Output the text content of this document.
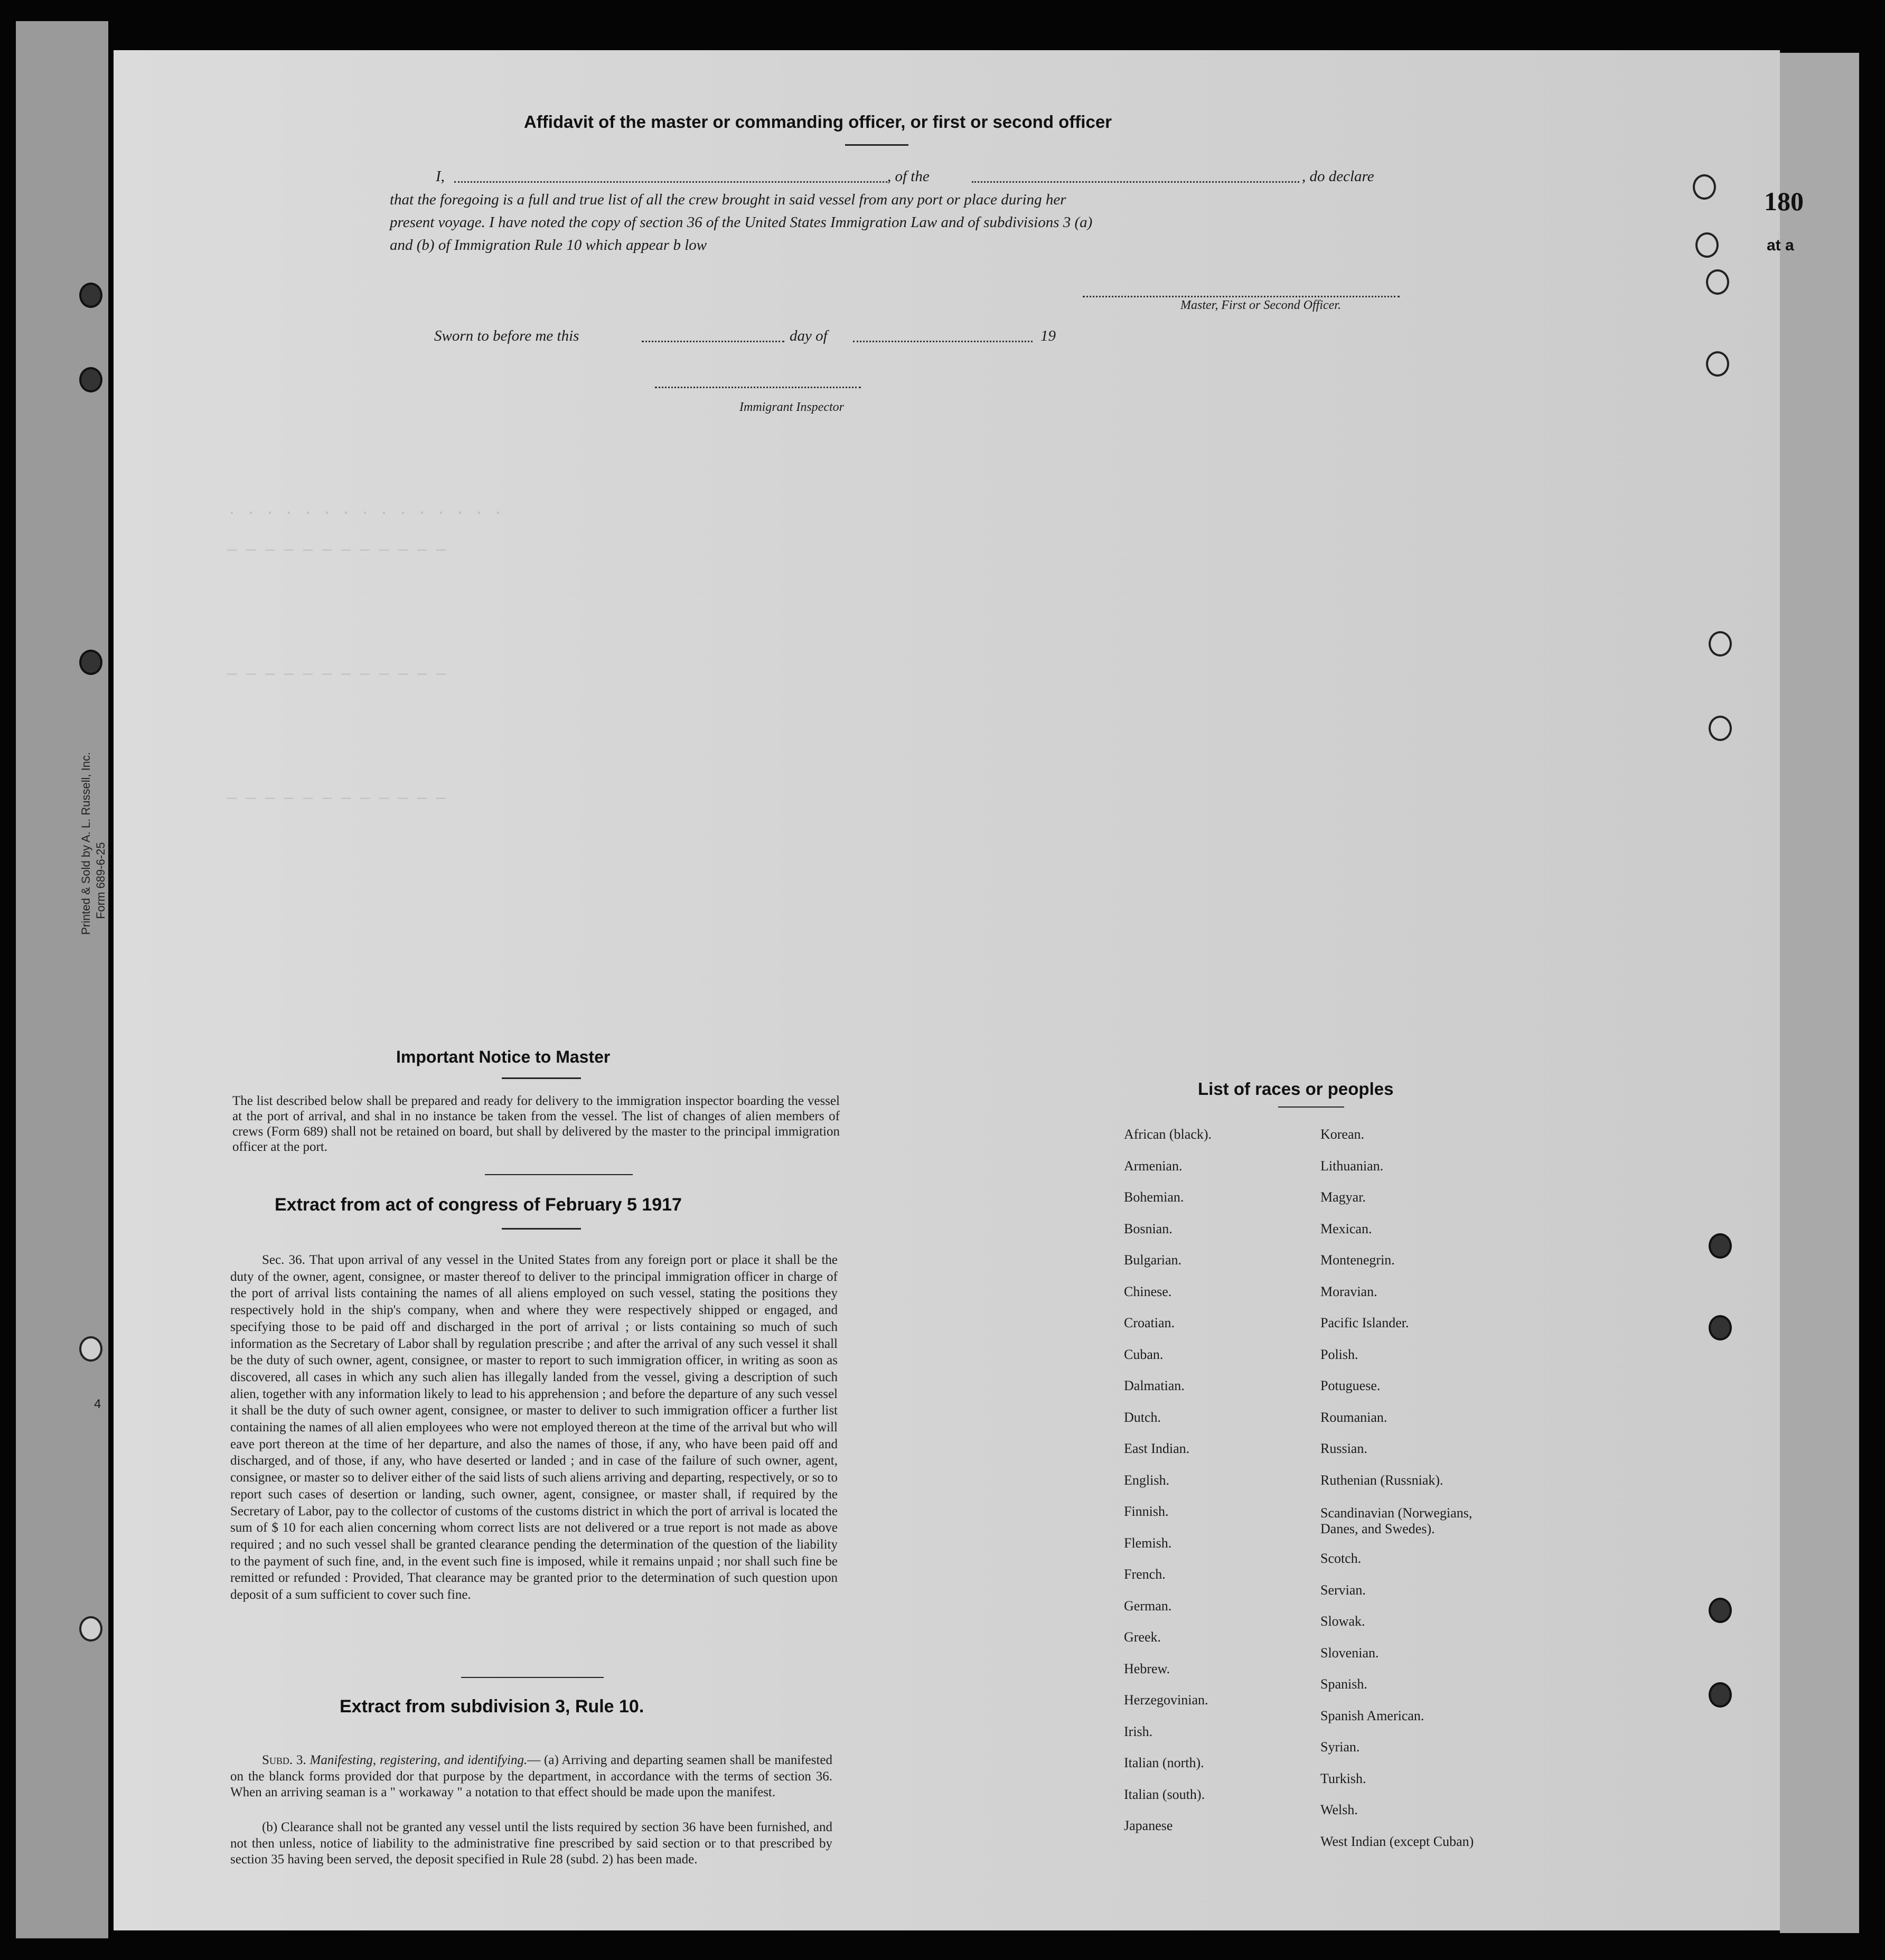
· · · · · · · · · · · · · · ·
— — — — — — — — — — — —
— — — — — — — — — — — —
— — — — — — — — — — — —
Printed & Sold by A. L. Russell, Inc. Form 689-6-25
4
180
at a
Affidavit of the master or commanding officer, or first or second officer
I,	, of the	, do declare
that the foregoing is a full and true list of all the crew brought in said vessel from any port or place during her
present voyage. I have noted the copy of section 36 of the United States Immigration Law and of subdivisions 3 (a)
and (b) of Immigration Rule 10 which appear b low
Master, First or Second Officer.
Sworn to before me this	day of	19
Immigrant Inspector
Important Notice to Master
The list described below shall be prepared and ready for delivery to the immigration inspector boarding the vessel at the port of arrival, and shal in no instance be taken from the vessel. The list of changes of alien members of crews (Form 689) shall not be retained on board, but shall by delivered by the master to the principal immigration officer at the port.
Extract from act of congress of February 5 1917
Sec. 36. That upon arrival of any vessel in the United States from any foreign port or place it shall be the duty of the owner, agent, consignee, or master thereof to deliver to the principal immigration officer in charge of the port of arrival lists containing the names of all aliens employed on such vessel, stating the positions they respectively hold in the ship's company, when and where they were respectively shipped or engaged, and specifying those to be paid off and discharged in the port of arrival ; or lists containing so much of such information as the Secretary of Labor shall by regulation prescribe ; and after the arrival of any such vessel it shall be the duty of such owner, agent, consignee, or master to report to such immigration officer, in writing as soon as discovered, all cases in which any such alien has illegally landed from the vessel, giving a description of such alien, together with any information likely to lead to his apprehension ; and before the departure of any such vessel it shall be the duty of such owner agent, consignee, or master to deliver to such immigration officer a further list containing the names of all alien employees who were not employed thereon at the time of the arrival but who will eave port thereon at the time of her departure, and also the names of those, if any, who have been paid off and discharged, and of those, if any, who have deserted or landed ; and in case of the failure of such owner, agent, consignee, or master so to deliver either of the said lists of such aliens arriving and departing, respectively, or so to report such cases of desertion or landing, such owner, agent, consignee, or master shall, if required by the Secretary of Labor, pay to the collector of customs of the customs district in which the port of arrival is located the sum of $ 10 for each alien concerning whom correct lists are not delivered or a true report is not made as above required ; and no such vessel shall be granted clearance pending the determination of the question of the liability to the payment of such fine, and, in the event such fine is imposed, while it remains unpaid ; nor shall such fine be remitted or refunded : Provided, That clearance may be granted prior to the determination of such question upon deposit of a sum sufficient to cover such fine.
Extract from subdivision 3, Rule 10.
Subd. 3. Manifesting, registering, and identifying.— (a) Arriving and departing seamen shall be manifested on the blanck forms provided dor that purpose by the department, in accordance with the terms of section 36. When an arriving seaman is a " workaway " a notation to that effect should be made upon the manifest.
(b) Clearance shall not be granted any vessel until the lists required by section 36 have been furnished, and not then unless, notice of liability to the administrative fine prescribed by said section or to that prescribed by section 35 having been served, the deposit specified in Rule 28 (subd. 2) has been made.
List of races or peoples
African (black).
Armenian.
Bohemian.
Bosnian.
Bulgarian.
Chinese.
Croatian.
Cuban.
Dalmatian.
Dutch.
East Indian.
English.
Finnish.
Flemish.
French.
German.
Greek.
Hebrew.
Herzegovinian.
Irish.
Italian (north).
Italian (south).
Japanese
Korean.
Lithuanian.
Magyar.
Mexican.
Montenegrin.
Moravian.
Pacific Islander.
Polish.
Potuguese.
Roumanian.
Russian.
Ruthenian (Russniak).
Scandinavian (Norwegians,
Danes, and Swedes).
Scotch.
Servian.
Slowak.
Slovenian.
Spanish.
Spanish American.
Syrian.
Turkish.
Welsh.
West Indian (except Cuban)
